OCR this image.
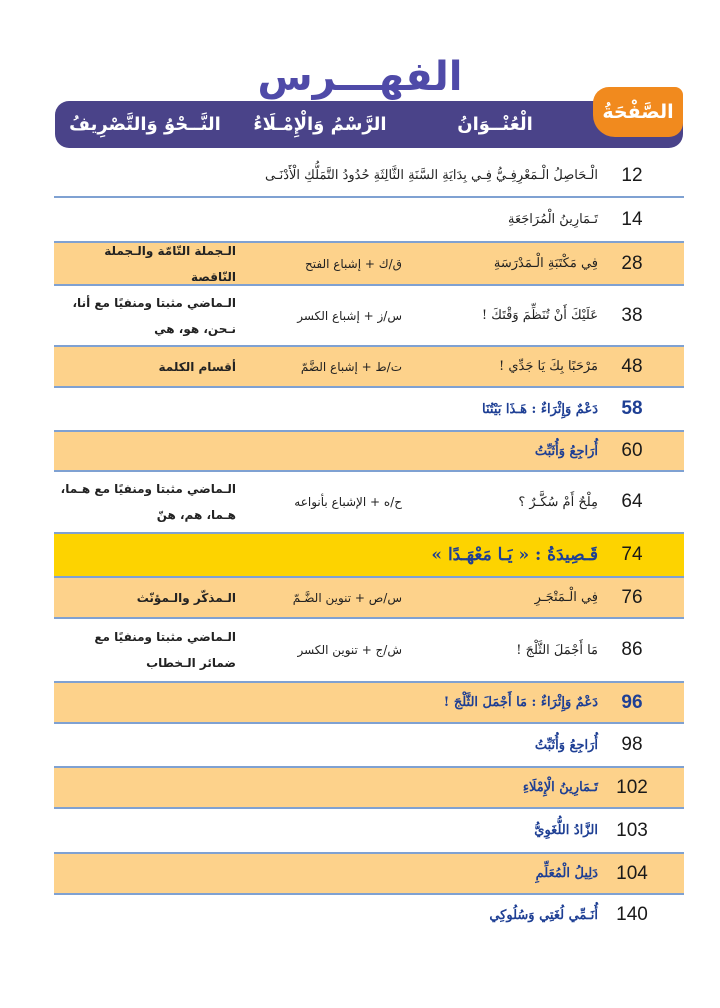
الفهـــرس
الْعُنْــوَانُ
الرَّسْمُ وَالْإِمْـلَاءُ
النَّــحْوُ وَالتَّصْرِيفُ
الصَّفْحَةُ
12
الْـحَاصِلُ الْـمَعْرِفِـيُّ فِـي بِدَايَةِ السَّنَةِ الثَّالِثَةِ حُدُودُ التَّمَلُّكِ الْأَدْنَـى
14
تَـمَارِينُ الْمُرَاجَعَةِ
28
فِي مَكْتَبَةِ الْـمَدْرَسَةِ
ق/ك + إشباع الفتح
الـجملة التّامّة والـجملة النّاقصة
38
عَلَيْكَ أَنْ تُنَظِّمَ وَقْتَكَ !
س/ز + إشباع الكسر
الـماضي مثبتا ومنفيًا مع أنا، نـحن، هو، هي
48
مَرْحَبًا بِكَ يَا جَدِّي !
ت/ط + إشباع الضَّمّ
أقسام الكلمة
58
دَعْمٌ وَإِثْرَاءٌ : هَـذَا بَيْتُنَا
60
أُرَاجِعُ وَأُثَبِّتُ
64
مِلْحٌ أَمْ سُكَّـرٌ ؟
ح/ه + الإشباع بأنواعه
الـماضي مثبتا ومنفيًا مع هـما، هـما، هم، هنّ
74
قَـصِيدَةُ : « يَـا مَعْهَـدًا »
76
فِي الْـمَتْجَـرِ
س/ص + تنوين الضَّـمّ
الـمذكّر والـمؤنّث
86
مَا أَجْمَلَ الثَّلْجَ !
ش/ج + تنوين الكسر
الـماضي مثبتا ومنفيًا مع ضمائر الـخطاب
96
دَعْمٌ وَإِثْرَاءٌ : مَا أَجْمَلَ الثَّلْجَ !
98
أُرَاجِعُ وَأُثَبِّتُ
102
تَـمَارِينُ الْإِمْلَاءِ
103
الزَّادُ اللُّغَوِيُّ
104
دَلِيلُ الْمُعَلِّمِ
140
أُنَـمِّي لُغَتِي وَسُلُوكِي
